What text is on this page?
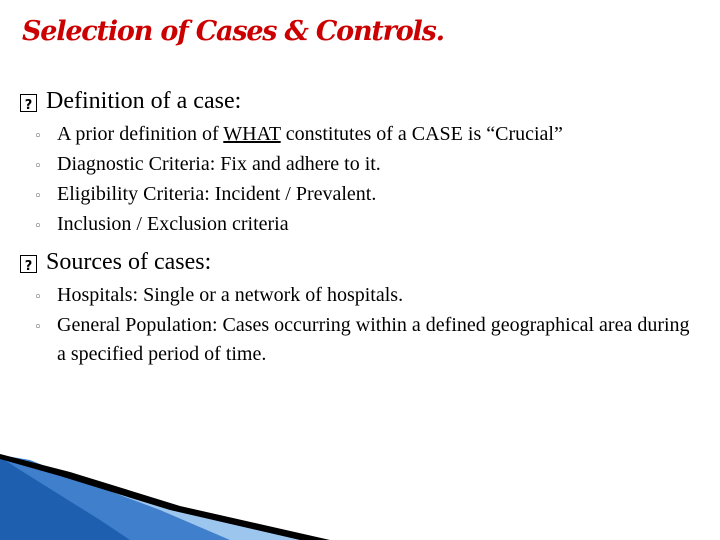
Selection of Cases & Controls.
?
Definition of a case:
◦ A prior definition of WHAT constitutes of a CASE is “Crucial”
◦ Diagnostic Criteria: Fix and adhere to it.
◦ Eligibility Criteria: Incident / Prevalent.
◦ Inclusion / Exclusion criteria
?
Sources of cases:
◦ Hospitals: Single or a network of hospitals.
◦ General Population: Cases occurring within a defined geographical area during a specified period of time.
